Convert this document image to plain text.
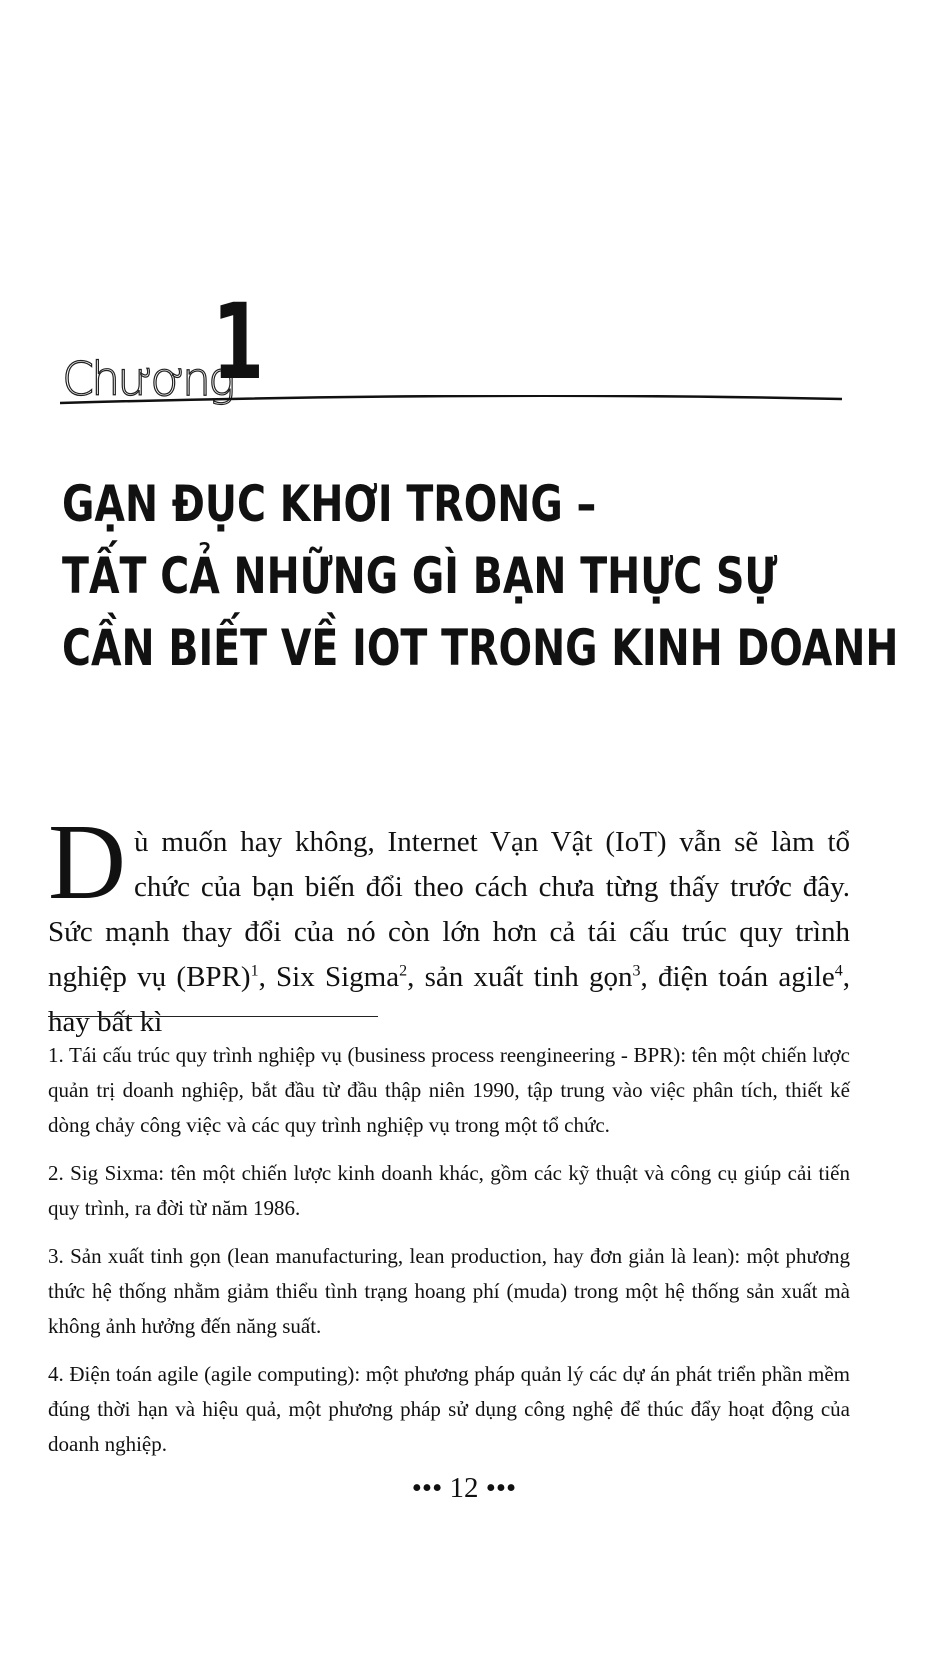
Chương
1
GẠN ĐỤC KHƠI TRONG –
TẤT CẢ NHỮNG GÌ BẠN THỰC SỰ
CẦN BIẾT VỀ IOT TRONG KINH DOANH
Dù muốn hay không, Internet Vạn Vật (IoT) vẫn sẽ làm tổ chức của bạn biến đổi theo cách chưa từng thấy trước đây. Sức mạnh thay đổi của nó còn lớn hơn cả tái cấu trúc quy trình nghiệp vụ (BPR)$^1$, Six Sigma$^2$, sản xuất tinh gọn$^3$, điện toán agile$^4$, hay bất kì

1. Tái cấu trúc quy trình nghiệp vụ (business process reengineering - BPR): tên một chiến lược quản trị doanh nghiệp, bắt đầu từ đầu thập niên 1990, tập trung vào việc phân tích, thiết kế dòng chảy công việc và các quy trình nghiệp vụ trong một tổ chức.

2. Sig Sixma: tên một chiến lược kinh doanh khác, gồm các kỹ thuật và công cụ giúp cải tiến quy trình, ra đời từ năm 1986.

3. Sản xuất tinh gọn (lean manufacturing, lean production, hay đơn giản là lean): một phương thức hệ thống nhằm giảm thiểu tình trạng hoang phí (muda) trong một hệ thống sản xuất mà không ảnh hưởng đến năng suất.

4. Điện toán agile (agile computing): một phương pháp quản lý các dự án phát triển phần mềm đúng thời hạn và hiệu quả, một phương pháp sử dụng công nghệ để thúc đẩy hoạt động của doanh nghiệp.

••• 12 •••
